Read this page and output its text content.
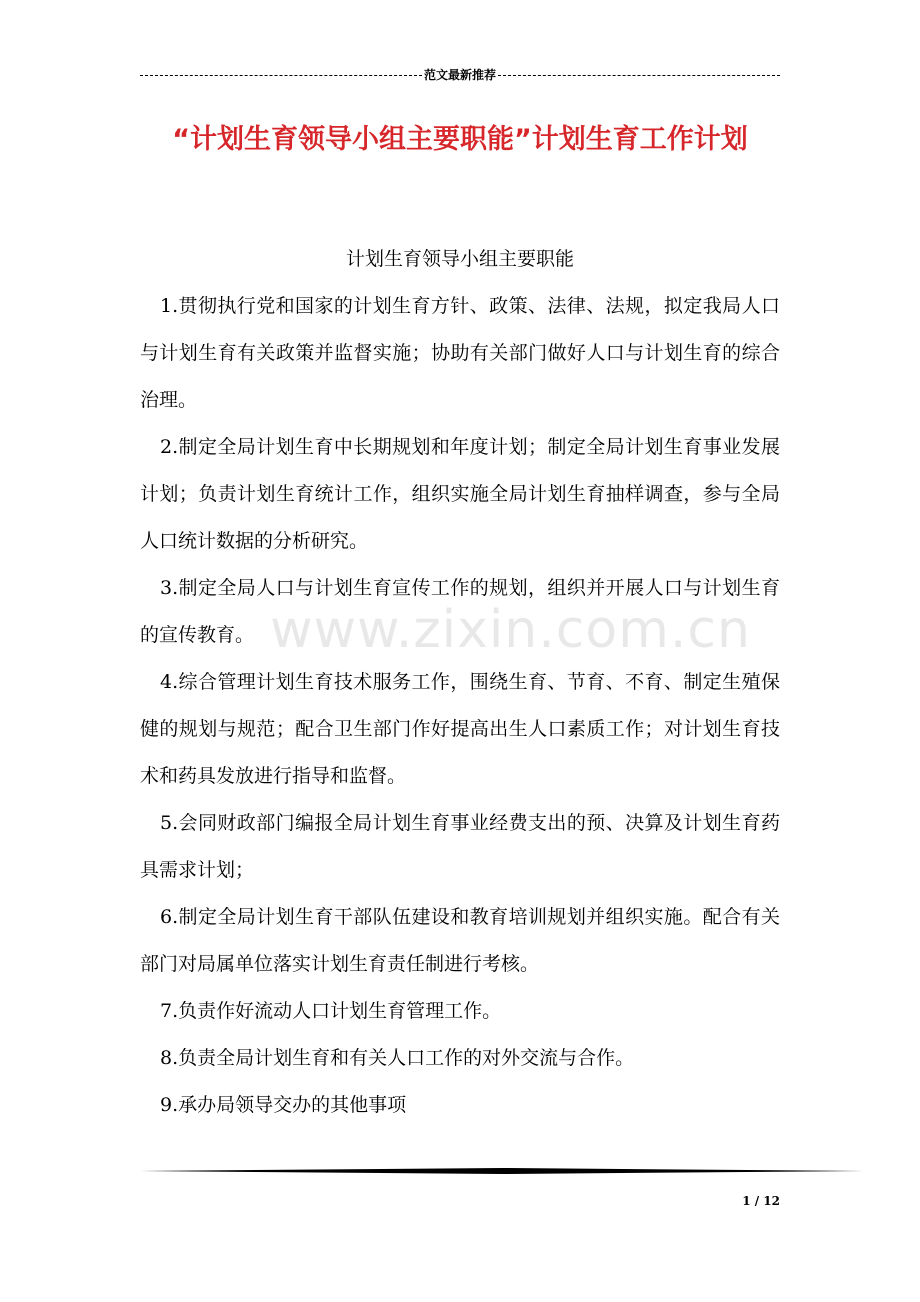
范文最新推荐
“计划生育领导小组主要职能”计划生育工作计划

计划生育领导小组主要职能

1.贯彻执行党和国家的计划生育方针、政策、法律、法规，拟定我局人口与计划生育有关政策并监督实施；协助有关部门做好人口与计划生育的综合治理。

2.制定全局计划生育中长期规划和年度计划；制定全局计划生育事业发展计划；负责计划生育统计工作，组织实施全局计划生育抽样调查，参与全局人口统计数据的分析研究。

3.制定全局人口与计划生育宣传工作的规划，组织并开展人口与计划生育的宣传教育。

4.综合管理计划生育技术服务工作，围绕生育、节育、不育、制定生殖保健的规划与规范；配合卫生部门作好提高出生人口素质工作；对计划生育技术和药具发放进行指导和监督。

5.会同财政部门编报全局计划生育事业经费支出的预、决算及计划生育药具需求计划；

6.制定全局计划生育干部队伍建设和教育培训规划并组织实施。配合有关部门对局属单位落实计划生育责任制进行考核。

7.负责作好流动人口计划生育管理工作。

8.负责全局计划生育和有关人口工作的对外交流与合作。

9.承办局领导交办的其他事项

www.zixin.com.cn
1 / 12
